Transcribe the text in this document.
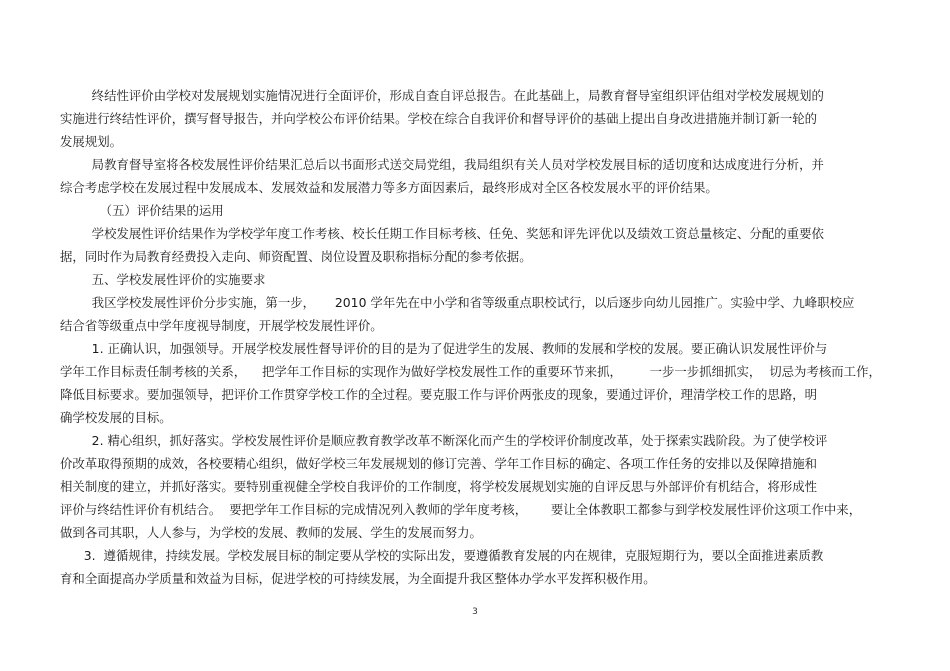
终结性评价由学校对发展规划实施情况进行全面评价，形成自查自评总报告。在此基础上，局教育督导室组织评估组对学校发展规划的
实施进行终结性评价，撰写督导报告，并向学校公布评价结果。学校在综合自我评价和督导评价的基础上提出自身改进措施并制订新一轮的
发展规划。
局教育督导室将各校发展性评价结果汇总后以书面形式送交局党组，我局组织有关人员对学校发展目标的适切度和达成度进行分析，并
综合考虑学校在发展过程中发展成本、发展效益和发展潜力等多方面因素后，最终形成对全区各校发展水平的评价结果。
（五）评价结果的运用
学校发展性评价结果作为学校学年度工作考核、校长任期工作目标考核、任免、奖惩和评先评优以及绩效工资总量核定、分配的重要依
据，同时作为局教育经费投入走向、师资配置、岗位设置及职称指标分配的参考依据。
五、学校发展性评价的实施要求
我区学校发展性评价分步实施，第一步，     2010 学年先在中小学和省等级重点职校试行，以后逐步向幼儿园推广。实验中学、九峰职校应
结合省等级重点中学年度视导制度，开展学校发展性评价。
1. 正确认识，加强领导。开展学校发展性督导评价的目的是为了促进学生的发展、教师的发展和学校的发展。要正确认识发展性评价与
学年工作目标责任制考核的关系，    把学年工作目标的实现作为做好学校发展性工作的重要环节来抓，       一步一步抓细抓实，  切忌为考核而工作，
降低目标要求。要加强领导，把评价工作贯穿学校工作的全过程。要克服工作与评价两张皮的现象，要通过评价，理清学校工作的思路，明
确学校发展的目标。
2. 精心组织，抓好落实。学校发展性评价是顺应教育教学改革不断深化而产生的学校评价制度改革，处于探索实践阶段。为了使学校评
价改革取得预期的成效，各校要精心组织，做好学校三年发展规划的修订完善、学年工作目标的确定、各项工作任务的安排以及保障措施和
相关制度的建立，并抓好落实。要特别重视健全学校自我评价的工作制度，将学校发展规划实施的自评反思与外部评价有机结合，将形成性
评价与终结性评价有机结合。  要把学年工作目标的完成情况列入教师的学年度考核，      要让全体教职工都参与到学校发展性评价这项工作中来，
做到各司其职，人人参与，为学校的发展、教师的发展、学生的发展而努力。
3.  遵循规律，持续发展。学校发展目标的制定要从学校的实际出发，要遵循教育发展的内在规律，克服短期行为，要以全面推进素质教
育和全面提高办学质量和效益为目标，促进学校的可持续发展，为全面提升我区整体办学水平发挥积极作用。
3
